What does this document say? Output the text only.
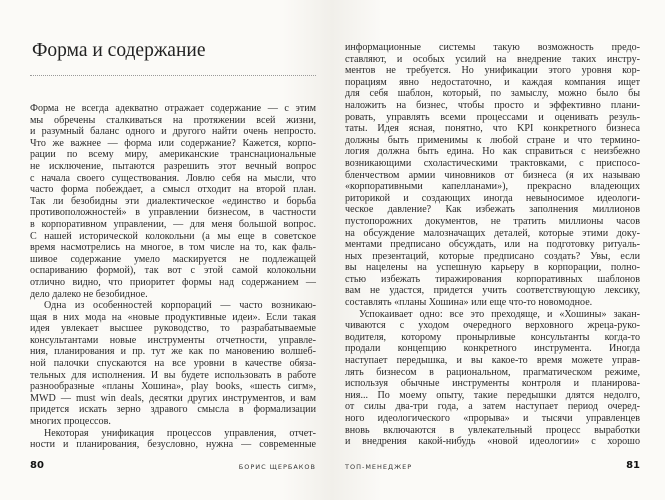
Форма и содержание
Форма не всегда адекватно отражает содержание — с этим
мы обречены сталкиваться на протяжении всей жизни,
и разумный баланс одного и другого найти очень непросто.
Что же важнее — форма или содержание? Кажется, корпо-
рации по всему миру, американские транснациональные
не исключение, пытаются разрешить этот вечный вопрос
с начала своего существования. Ловлю себя на мысли, что
часто форма побеждает, а смысл отходит на второй план.
Так ли безобидны эти диалектическое «единство и борьба
противоположностей» в управлении бизнесом, в частности
в корпоративном управлении, — для меня большой вопрос.
С нашей исторической колокольни (а мы еще в советское
время насмотрелись на многое, в том числе на то, как фаль-
шивое содержание умело маскируется не подлежащей
оспариванию формой), так вот с этой самой колокольни
отлично видно, что приоритет формы над содержанием —
дело далеко не безобидное.
Одна из особенностей корпораций — часто возникаю-
щая в них мода на «новые продуктивные идеи». Если такая
идея увлекает высшее руководство, то разрабатываемые
консультантами новые инструменты отчетности, управле-
ния, планирования и пр. тут же как по мановению волшеб-
ной палочки спускаются на все уровни в качестве обяза-
тельных для исполнения. И вы будете использовать в работе
разнообразные «планы Хошина», play books, «шесть сигм»,
MWD — must win deals, десятки других инструментов, и вам
придется искать зерно здравого смысла в формализации
многих процессов.
Некоторая унификация процессов управления, отчет-
ности и планирования, безусловно, нужна — современные
80	БОРИС ЩЕРБАКОВ
информационные системы такую возможность предо-
ставляют, и особых усилий на внедрение таких инстру-
ментов не требуется. Но унификации этого уровня кор-
порациям явно недостаточно, и каждая компания ищет
для себя шаблон, который, по замыслу, можно было бы
наложить на бизнес, чтобы просто и эффективно плани-
ровать, управлять всеми процессами и оценивать резуль-
таты. Идея ясная, понятно, что KPI конкретного бизнеса
должны быть применимы к любой стране и что термино-
логия должна быть едина. Но как справиться с неизбежно
возникающими схоластическими трактовками, с приспосо-
бленчеством армии чиновников от бизнеса (я их называю
«корпоративными капелланами»), прекрасно владеющих
риторикой и создающих иногда невыносимое идеологи-
ческое давление? Как избежать заполнения миллионов
пустопорожних документов, не тратить миллионы часов
на обсуждение малозначащих деталей, которые этими доку-
ментами предписано обсуждать, или на подготовку ритуаль-
ных презентаций, которые предписано создать? Увы, если
вы нацелены на успешную карьеру в корпорации, полно-
стью избежать тиражирования корпоративных шаблонов
вам не удастся, придется учить соответствующую лексику,
составлять «планы Хошина» или еще что-то новомодное.
Успокаивает одно: все это преходяще, и «Хошины» закан-
чиваются с уходом очередного верховного жреца-руко-
водителя, которому пронырливые консультанты когда-то
продали концепцию конкретного инструмента. Иногда
наступает передышка, и вы какое-то время можете управ-
лять бизнесом в рациональном, прагматическом режиме,
используя обычные инструменты контроля и планирова-
ния... По моему опыту, такие передышки длятся недолго,
от силы два-три года, а затем наступает период очеред-
ного идеологического «прорыва» и тысячи управленцев
вновь включаются в увлекательный процесс выработки
и внедрения какой-нибудь «новой идеологии» с хорошо
ТОП-МЕНЕДЖЕР	81
